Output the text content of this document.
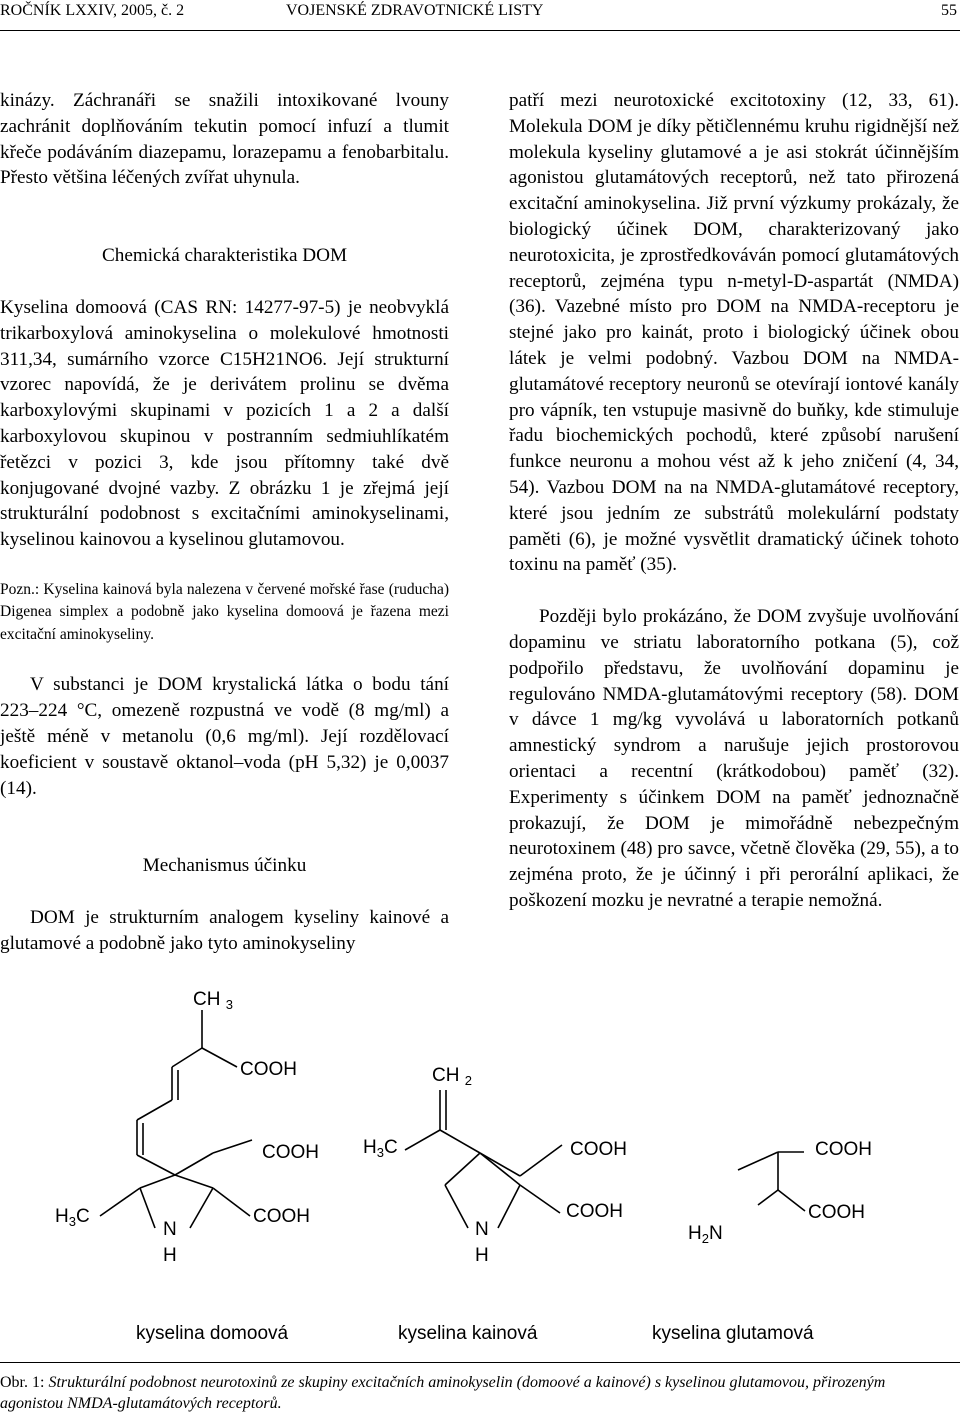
ROČNÍK LXXIV, 2005, č. 2	VOJENSKÉ ZDRAVOTNICKÉ LISTY	55

kinázy. Záchranáři se snažili intoxikované lvouny zachránit doplňováním tekutin pomocí infuzí a tlumit křeče podáváním diazepamu, lorazepamu a fenobarbitalu. Přesto většina léčených zvířat uhynula.

Chemická charakteristika DOM

Kyselina domoová (CAS RN: 14277-97-5) je neobvyklá trikarboxylová aminokyselina o molekulové hmotnosti 311,34, sumárního vzorce C15H21NO6. Její strukturní vzorec napovídá, že je derivátem prolinu se dvěma karboxylovými skupinami v pozicích 1 a 2 a další karboxylovou skupinou v postranním sedmiuhlíkatém řetězci v pozici 3, kde jsou přítomny také dvě konjugované dvojné vazby. Z obrázku 1 je zřejmá její strukturální podobnost s excitačními aminokyselinami, kyselinou kainovou a kyselinou glutamovou.

Pozn.: Kyselina kainová byla nalezena v červené mořské řase (ruducha) Digenea simplex a podobně jako kyselina domoová je řazena mezi excitační aminokyseliny.

V substanci je DOM krystalická látka o bodu tání 223–224 °C, omezeně rozpustná ve vodě (8 mg/ml) a ještě méně v metanolu (0,6 mg/ml). Její rozdělovací koeficient v soustavě oktanol–voda (pH 5,32) je 0,0037 (14).

Mechanismus účinku

DOM je strukturním analogem kyseliny kainové a glutamové a podobně jako tyto aminokyseliny

patří mezi neurotoxické excitotoxiny (12, 33, 61). Molekula DOM je díky pětičlennému kruhu rigidnější než molekula kyseliny glutamové a je asi stokrát účinnějším agonistou glutamátových receptorů, než tato přirozená excitační aminokyselina. Již první výzkumy prokázaly, že biologický účinek DOM, charakterizovaný jako neurotoxicita, je zprostředkováván pomocí glutamátových receptorů, zejména typu n-metyl-D-aspartát (NMDA) (36). Vazebné místo pro DOM na NMDA-receptoru je stejné jako pro kainát, proto i biologický účinek obou látek je velmi podobný. Vazbou DOM na NMDA-glutamátové receptory neuronů se otevírají iontové kanály pro vápník, ten vstupuje masivně do buňky, kde stimuluje řadu biochemických pochodů, které způsobí narušení funkce neuronu a mohou vést až k jeho zničení (4, 34, 54). Vazbou DOM na na NMDA-glutamátové receptory, které jsou jedním ze substrátů molekulární podstaty paměti (6), je možné vysvětlit dramatický účinek tohoto toxinu na paměť (35).

Později bylo prokázáno, že DOM zvyšuje uvolňování dopaminu ve striatu laboratorního potkana (5), což podpořilo představu, že uvolňování dopaminu je regulováno NMDA-glutamátovými receptory (58). DOM v dávce 1 mg/kg vyvolává u laboratorních potkanů amnestický syndrom a narušuje jejich prostorovou orientaci a recentní (krátkodobou) paměť (32). Experimenty s účinkem DOM na paměť jednoznačně prokazují, že DOM je mimořádně nebezpečným neurotoxinem (48) pro savce, včetně člověka (29, 55), a to zejména proto, že je účinný i při perorální aplikaci, že poškození mozku je nevratné a terapie nemožná.

CH $_3$
COOH
COOH
COOH
$H_3C$
N
H
CH $_2$
$H_3C$	COOH
COOH
N
H
COOH
COOH
$H_2N$
kyselina domoová	kyselina kainová	kyselina glutamová
Obr. 1: Strukturální podobnost neurotoxinů ze skupiny excitačních aminokyselin (domoové a kainové) s kyselinou glutamovou, přirozeným agonistou NMDA-glutamátových receptorů.
